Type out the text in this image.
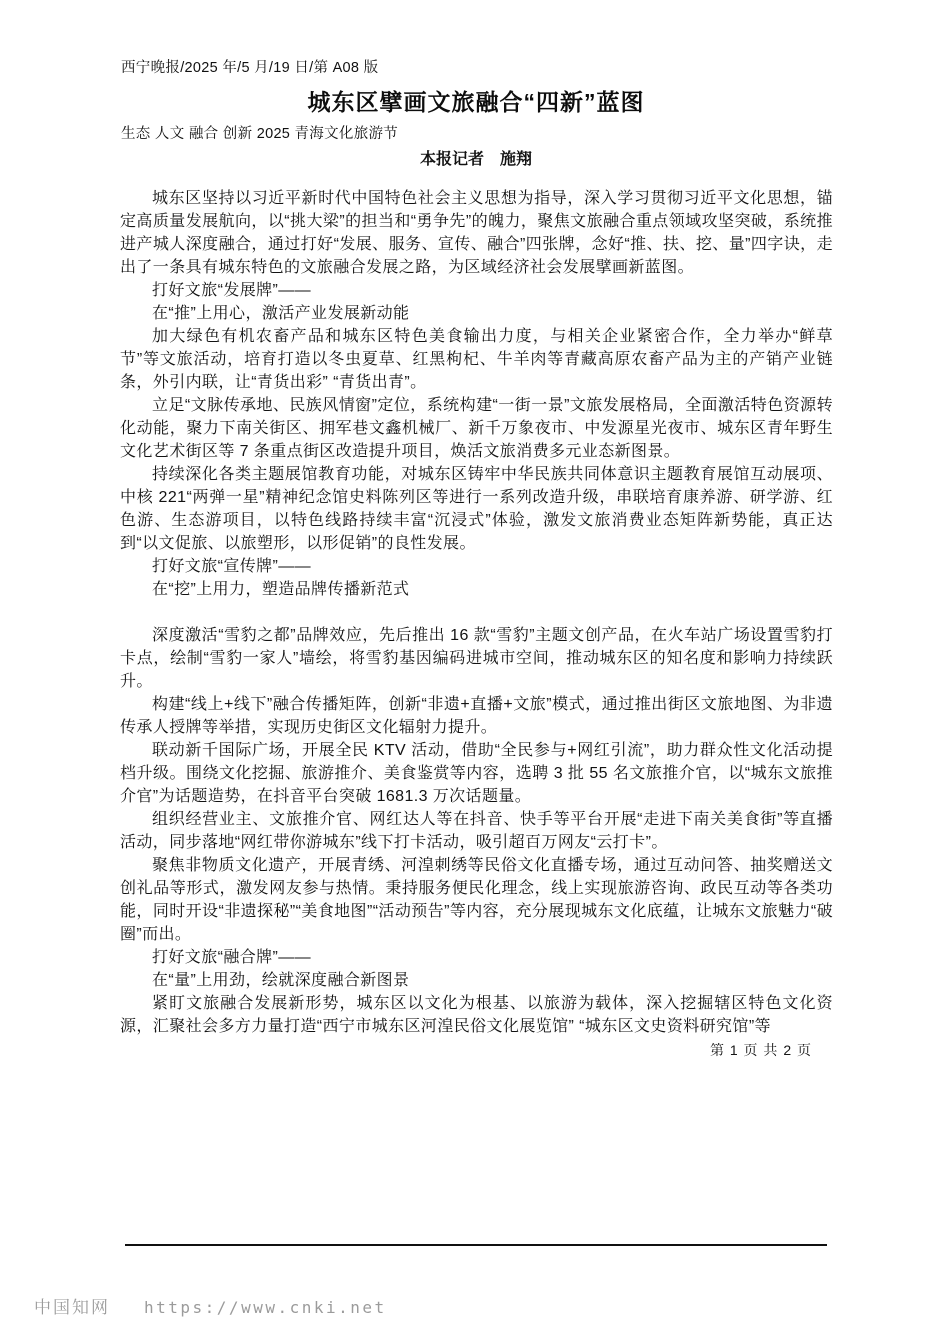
西宁晚报/2025 年/5 月/19 日/第 A08 版

生态 人文 融合 创新 2025 青海文化旅游节

城东区擘画文旅融合“四新”蓝图
本报记者　施翔
城东区坚持以习近平新时代中国特色社会主义思想为指导，深入学习贯彻习近平文化思想，锚定高质量发展航向，以“挑大梁”的担当和“勇争先”的魄力，聚焦文旅融合重点领域攻坚突破，系统推进产城人深度融合，通过打好“发展、服务、宣传、融合”四张牌，念好“推、扶、挖、量”四字诀，走出了一条具有城东特色的文旅融合发展之路，为区域经济社会发展擘画新蓝图。
打好文旅“发展牌”——
在“推”上用心，激活产业发展新动能
加大绿色有机农畜产品和城东区特色美食输出力度，与相关企业紧密合作，全力举办“鲜草节”等文旅活动，培育打造以冬虫夏草、红黑枸杞、牛羊肉等青藏高原农畜产品为主的产销产业链条，外引内联，让“青货出彩” “青货出青”。
立足“文脉传承地、民族风情窗”定位，系统构建“一街一景”文旅发展格局，全面激活特色资源转化动能，聚力下南关街区、拥军巷文鑫机械厂、新千万象夜市、中发源星光夜市、城东区青年野生文化艺术街区等 7 条重点街区改造提升项目，焕活文旅消费多元业态新图景。
持续深化各类主题展馆教育功能，对城东区铸牢中华民族共同体意识主题教育展馆互动展项、中核 221“两弹一星”精神纪念馆史料陈列区等进行一系列改造升级，串联培育康养游、研学游、红色游、生态游项目，以特色线路持续丰富“沉浸式”体验，激发文旅消费业态矩阵新势能，真正达到“以文促旅、以旅塑形，以形促销”的良性发展。
打好文旅“宣传牌”——
在“挖”上用力，塑造品牌传播新范式
深度激活“雪豹之都”品牌效应，先后推出 16 款“雪豹”主题文创产品，在火车站广场设置雪豹打卡点，绘制“雪豹一家人”墙绘，将雪豹基因编码进城市空间，推动城东区的知名度和影响力持续跃升。
构建“线上+线下”融合传播矩阵，创新“非遗+直播+文旅”模式，通过推出街区文旅地图、为非遗传承人授牌等举措，实现历史街区文化辐射力提升。
联动新千国际广场，开展全民 KTV 活动，借助“全民参与+网红引流”，助力群众性文化活动提档升级。围绕文化挖掘、旅游推介、美食鉴赏等内容，选聘 3 批 55 名文旅推介官，以“城东文旅推介官”为话题造势，在抖音平台突破 1681.3 万次话题量。
组织经营业主、文旅推介官、网红达人等在抖音、快手等平台开展“走进下南关美食街”等直播活动，同步落地“网红带你游城东”线下打卡活动，吸引超百万网友“云打卡”。
聚焦非物质文化遗产，开展青绣、河湟刺绣等民俗文化直播专场，通过互动问答、抽奖赠送文创礼品等形式，激发网友参与热情。秉持服务便民化理念，线上实现旅游咨询、政民互动等各类功能，同时开设“非遗探秘”“美食地图”“活动预告”等内容，充分展现城东文化底蕴，让城东文旅魅力“破圈”而出。
打好文旅“融合牌”——
在“量”上用劲，绘就深度融合新图景
紧盯文旅融合发展新形势，城东区以文化为根基、以旅游为载体，深入挖掘辖区特色文化资源，汇聚社会多方力量打造“西宁市城东区河湟民俗文化展览馆” “城东区文史资料研究馆”等
第 1 页 共 2 页
中国知网 https://www.cnki.net
